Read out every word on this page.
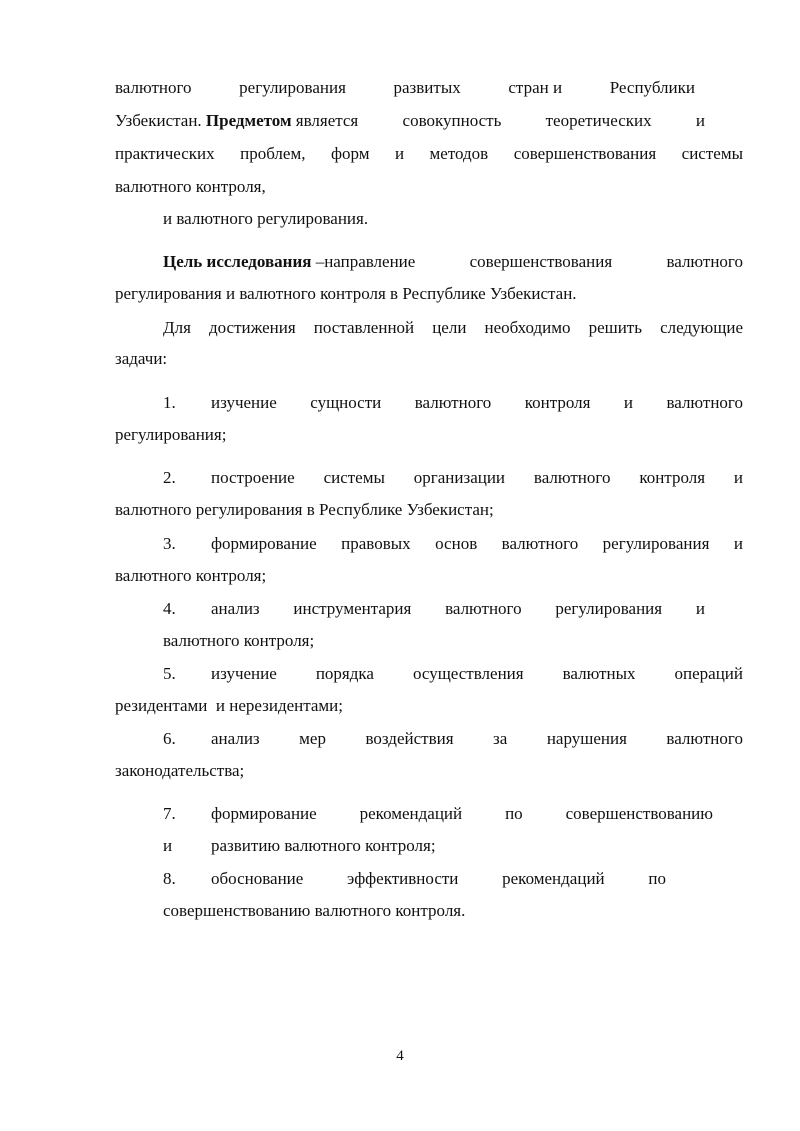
валютного	регулирования	развитых	стран и	Республики
Узбекистан. Предметом является	совокупность	теоретических	и
практических проблем, форм и методов совершенствования системы
валютного контроля,
и валютного регулирования.
Цель исследования –направление	совершенствования	валютного
регулирования и валютного контроля в Республике Узбекистан.
Для достижения поставленной цели необходимо решить следующие
задачи:
1. изучение сущности валютного контроля и валютного
регулирования;
2. построение системы организации валютного контроля и
валютного регулирования в Республике Узбекистан;
3. формирование правовых основ валютного регулирования и
валютного контроля;
4. анализ инструментария валютного регулирования и
валютного контроля;
5. изучение порядка осуществления валютных операций
резидентами  и нерезидентами;
6. анализ мер воздействия за нарушения валютного
законодательства;
7. формирование	рекомендаций	по	совершенствованию
и развитию валютного контроля;
8. обоснование	эффективности	рекомендаций	по
совершенствованию валютного контроля.
4
